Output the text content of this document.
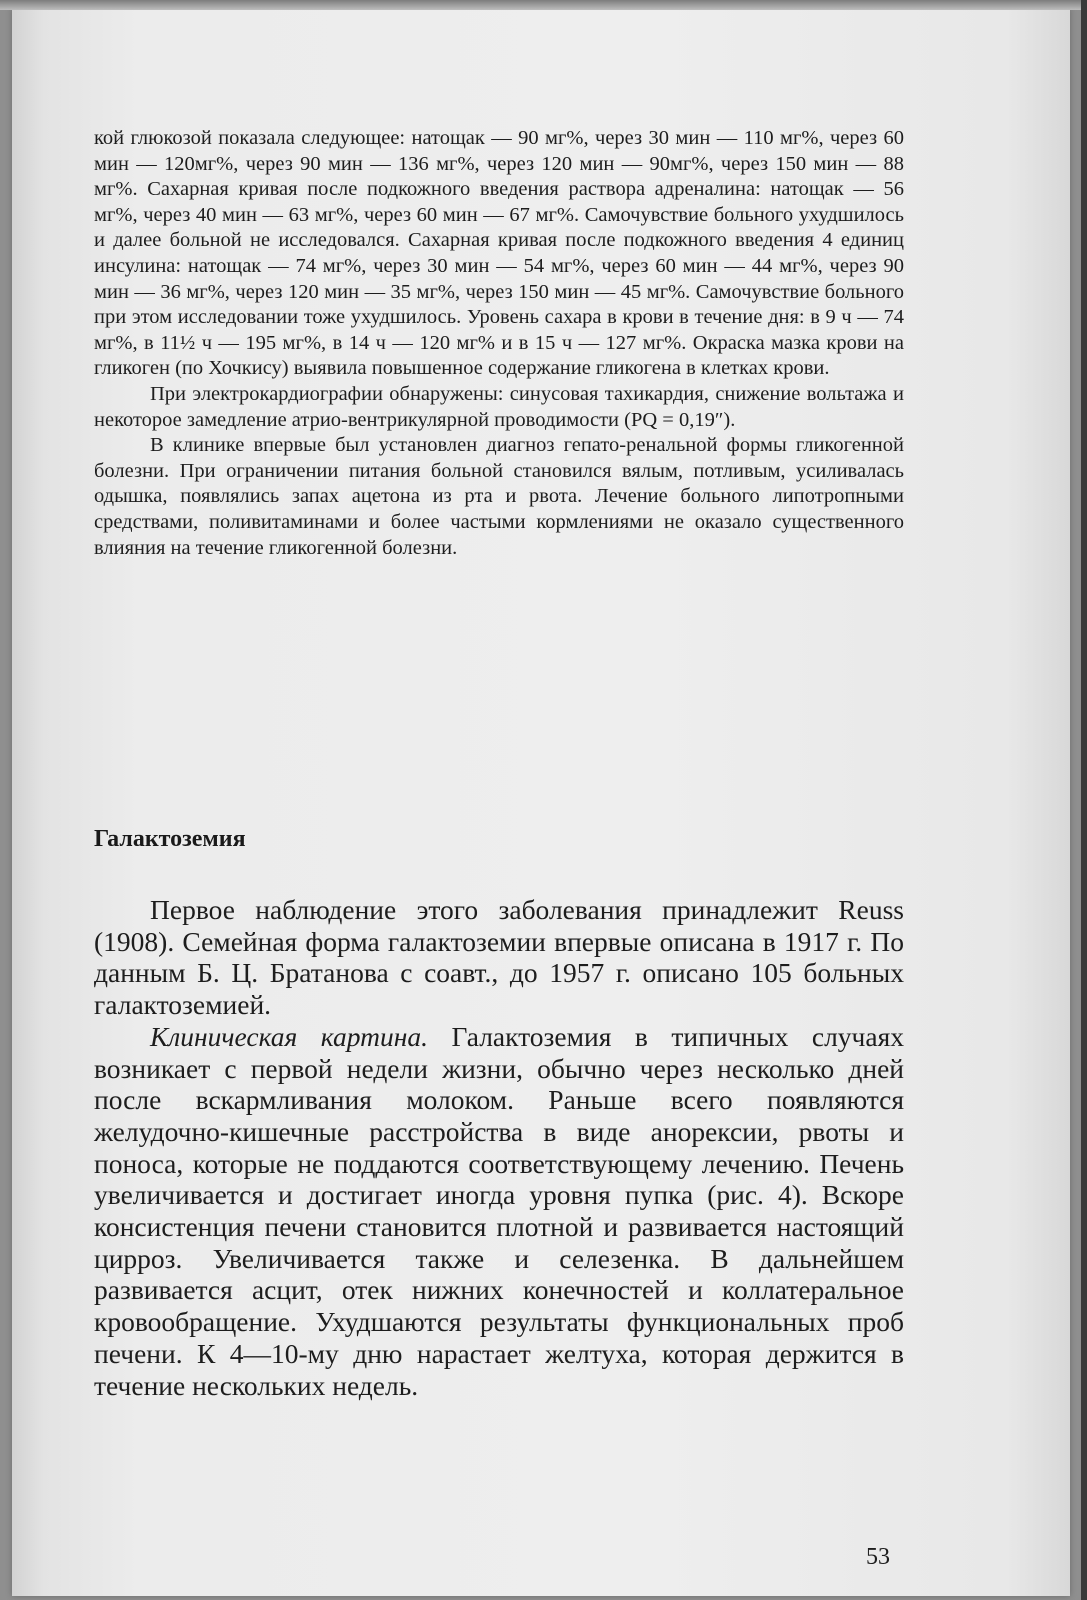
кой глюкозой показала следующее: натощак — 90 мг%, через 30 мин — 110 мг%, через 60 мин — 120мг%, через 90 мин — 136 мг%, через 120 мин — 90мг%, через 150 мин — 88 мг%. Сахарная кривая после подкожного введения раствора адреналина: натощак — 56 мг%, через 40 мин — 63 мг%, через 60 мин — 67 мг%. Самочувствие больного ухудшилось и далее больной не исследовался. Сахарная кривая после подкожного введения 4 единиц инсулина: натощак — 74 мг%, через 30 мин — 54 мг%, через 60 мин — 44 мг%, через 90 мин — 36 мг%, через 120 мин — 35 мг%, через 150 мин — 45 мг%. Самочувствие больного при этом исследовании тоже ухудшилось. Уровень сахара в крови в течение дня: в 9 ч — 74 мг%, в 11½ ч — 195 мг%, в 14 ч — 120 мг% и в 15 ч — 127 мг%. Окраска мазка крови на гликоген (по Хочкису) выявила повышенное содержание гликогена в клетках крови.

При электрокардиографии обнаружены: синусовая тахикардия, снижение вольтажа и некоторое замедление атрио-вентрикулярной проводимости (PQ = 0,19″).

В клинике впервые был установлен диагноз гепато-ренальной формы гликогенной болезни. При ограничении питания больной становился вялым, потливым, усиливалась одышка, появлялись запах ацетона из рта и рвота. Лечение больного липотропными средствами, поливитаминами и более частыми кормлениями не оказало существенного влияния на течение гликогенной болезни.

Галактоземия

Первое наблюдение этого заболевания принадлежит Reuss (1908). Семейная форма галактоземии впервые описана в 1917 г. По данным Б. Ц. Братанова с соавт., до 1957 г. описано 105 больных галактоземией.

Клиническая картина. Галактоземия в типичных случаях возникает с первой недели жизни, обычно через несколько дней после вскармливания молоком. Раньше всего появляются желудочно-кишечные расстройства в виде анорексии, рвоты и поноса, которые не поддаются соответствующему лечению. Печень увеличивается и достигает иногда уровня пупка (рис. 4). Вскоре консистенция печени становится плотной и развивается настоящий цирроз. Увеличивается также и селезенка. В дальнейшем развивается асцит, отек нижних конечностей и коллатеральное кровообращение. Ухудшаются результаты функциональных проб печени. К 4—10-му дню нарастает желтуха, которая держится в течение нескольких недель.

53
